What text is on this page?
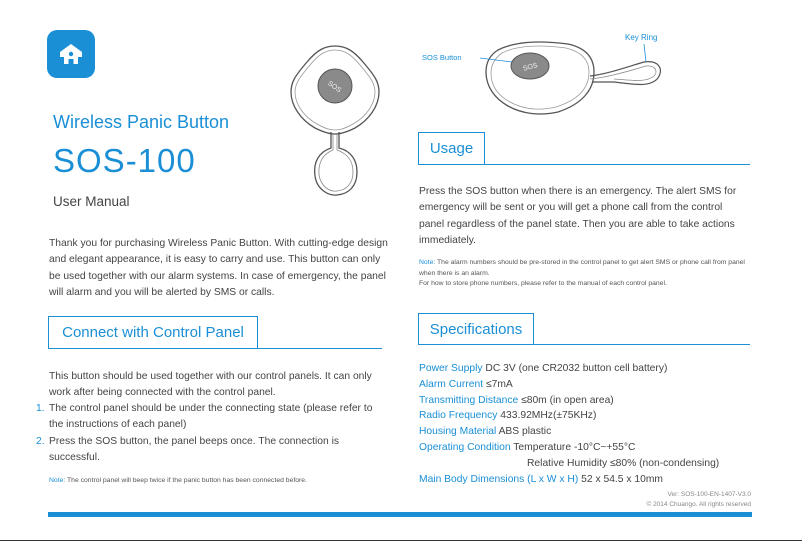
Wireless Panic Button
SOS-100
User Manual
SOS
Thank you for purchasing Wireless Panic Button. With cutting-edge design and elegant appearance, it is easy to carry and use. This button can only be used together with our alarm systems. In case of emergency, the panel will alarm and you will be alerted by SMS or calls.
Connect with Control Panel
This button should be used together with our control panels. It can only work after being connected with the control panel.
1. The control panel should be under the connecting state (please refer to the instructions of each panel)
2. Press the SOS button, the panel beeps once. The connection is successful.
Note: The control panel will beep twice if the panic button has been connected before.
SOS
SOS Button
Key Ring
Usage
Press the SOS button when there is an emergency. The alert SMS for emergency will be sent or you will get a phone call from the control panel regardless of the panel state. Then you are able to take actions immediately.
Note: The alarm numbers should be pre-stored in the control panel to get alert SMS or phone call from panel when there is an alarm.
For how to store phone numbers, please refer to the manual of each control panel.
Specifications
Power Supply DC 3V (one CR2032 button cell battery)
Alarm Current ≤7mA
Transmitting Distance ≤80m (in open area)
Radio Frequency 433.92MHz(±75KHz)
Housing Material ABS plastic
Operating Condition Temperature -10°C~+55°C
Relative Humidity ≤80% (non-condensing)
Main Body Dimensions (L x W x H) 52 x 54.5 x 10mm
Ver: SOS-100-EN-1407-V3.0
© 2014 Chuango. All rights reserved
